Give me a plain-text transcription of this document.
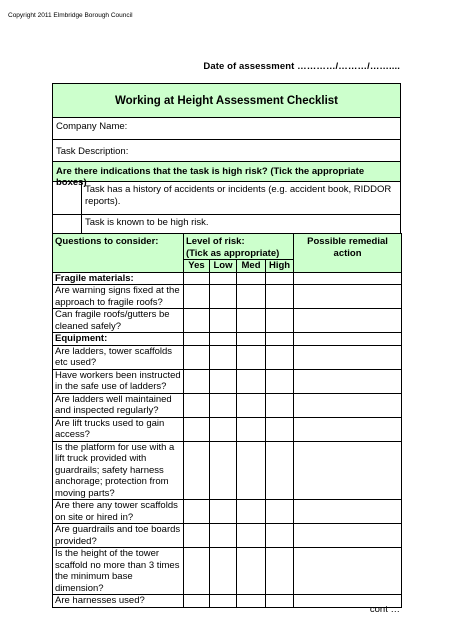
Copyright 2011 Elmbridge Borough Council
Date of assessment …………/………/……....
Working at Height Assessment Checklist
Company Name:
Task Description:
Are there indications that the task is high risk? (Tick the appropriate boxes)
Task has a history of accidents or incidents (e.g. accident book, RIDDOR reports).
Task is known to be high risk.
Questions to consider:	Level of risk:
(Tick as appropriate)				Possible remedial action
	Yes	Low	Med	High	
Fragile materials:					
Are warning signs fixed at the approach to fragile roofs?					
Can fragile roofs/gutters be cleaned safely?					
Equipment:					
Are ladders, tower scaffolds etc used?					
Have workers been instructed in the safe use of ladders?					
Are ladders well maintained and inspected regularly?					
Are lift trucks used to gain access?					
Is the platform for use with a lift truck provided with guardrails; safety harness anchorage; protection from moving parts?					
Are there any tower scaffolds on site or hired in?					
Are guardrails and toe boards provided?					
Is the height of the tower scaffold no more than 3 times the minimum base dimension?					
Are harnesses used?					
cont …
